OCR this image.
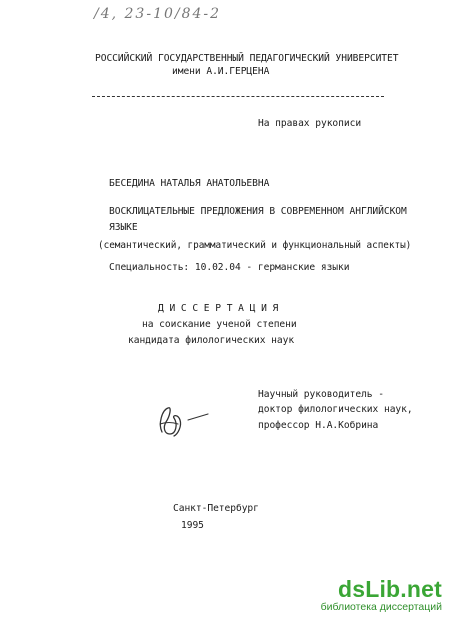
/4, 23-10/84-2
РОССИЙСКИЙ ГОСУДАРСТВЕННЫЙ ПЕДАГОГИЧЕСКИЙ УНИВЕРСИТЕТ
имени А.И.ГЕРЦЕНА
На правах рукописи
БЕСЕДИНА НАТАЛЬЯ АНАТОЛЬЕВНА
ВОСКЛИЦАТЕЛЬНЫЕ ПРЕДЛОЖЕНИЯ В СОВРЕМЕННОМ АНГЛИЙСКОМ
ЯЗЫКЕ
(семантический, грамматический и функциональный аспекты)
Специальность: 10.02.04 - германские языки
Д И С С Е Р Т А Ц И Я
на соискание ученой степени
кандидата филологических наук
Научный руководитель -
доктор филологических наук,
профессор Н.А.Кобрина
Санкт-Петербург
1995
dsLib.net
библиотека диссертаций
